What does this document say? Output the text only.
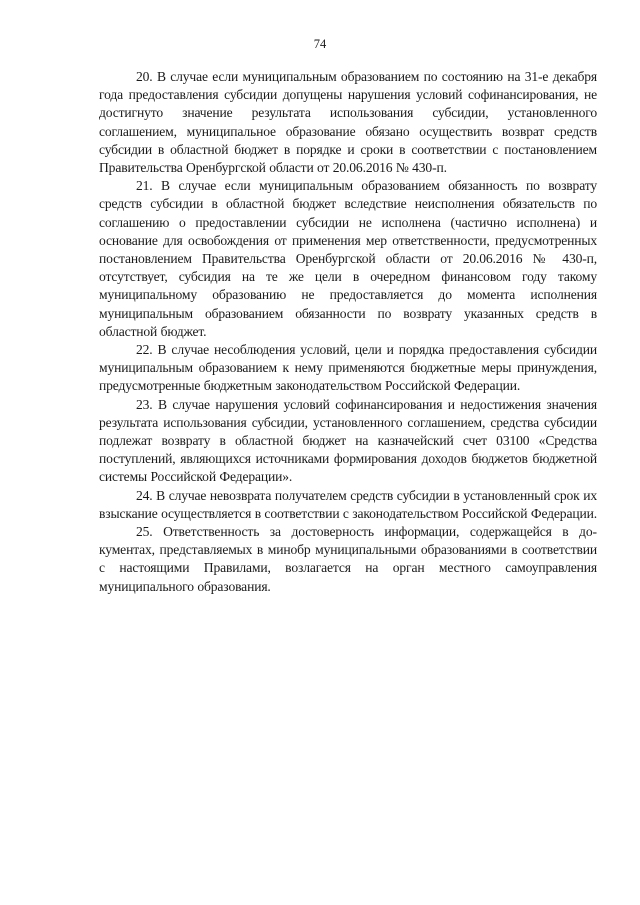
74

20. В случае если муниципальным образованием по состоянию на 31-е декабря года предоставления субсидии допущены нарушения условий софинансирования, не достигнуто значение результата использования субсидии, установленного соглашением, муниципальное образование обязано осуществить возврат средств субсидии в областной бюджет в порядке и сроки в соответствии с постановлением Правительства Оренбургской области от 20.06.2016 № 430-п.

21. В случае если муниципальным образованием обязанность по возврату средств субсидии в областной бюджет вследствие неисполнения обязательств по соглашению о предоставлении субсидии не исполнена (частично исполнена) и основание для освобождения от применения мер ответственности, предусмотренных постановлением Правительства Оренбургской области от 20.06.2016 № 430-п, отсутствует, субсидия на те же цели в очередном финансовом году такому муниципальному образованию не предоставляется до момента исполнения муниципальным образованием обязанности по возврату указанных средств в областной бюджет.

22. В случае несоблюдения условий, цели и порядка предоставления субсидии муниципальным образованием к нему применяются бюджетные меры принуждения, предусмотренные бюджетным законодательством Российской Федерации.

23. В случае нарушения условий софинансирования и недостижения значения результата использования субсидии, установленного соглашением, средства субсидии подлежат возврату в областной бюджет на казначейский счет 03100 «Средства поступлений, являющихся источниками формирования доходов бюджетов бюджетной системы Российской Федерации».

24. В случае невозврата получателем средств субсидии в установленный срок их взыскание осуществляется в соответствии с законодательством Российской Федерации.

25. Ответственность за достоверность информации, содержащейся в документах, представляемых в минобр муниципальными образованиями в соответствии с настоящими Правилами, возлагается на орган местного самоуправления муниципального образования.
